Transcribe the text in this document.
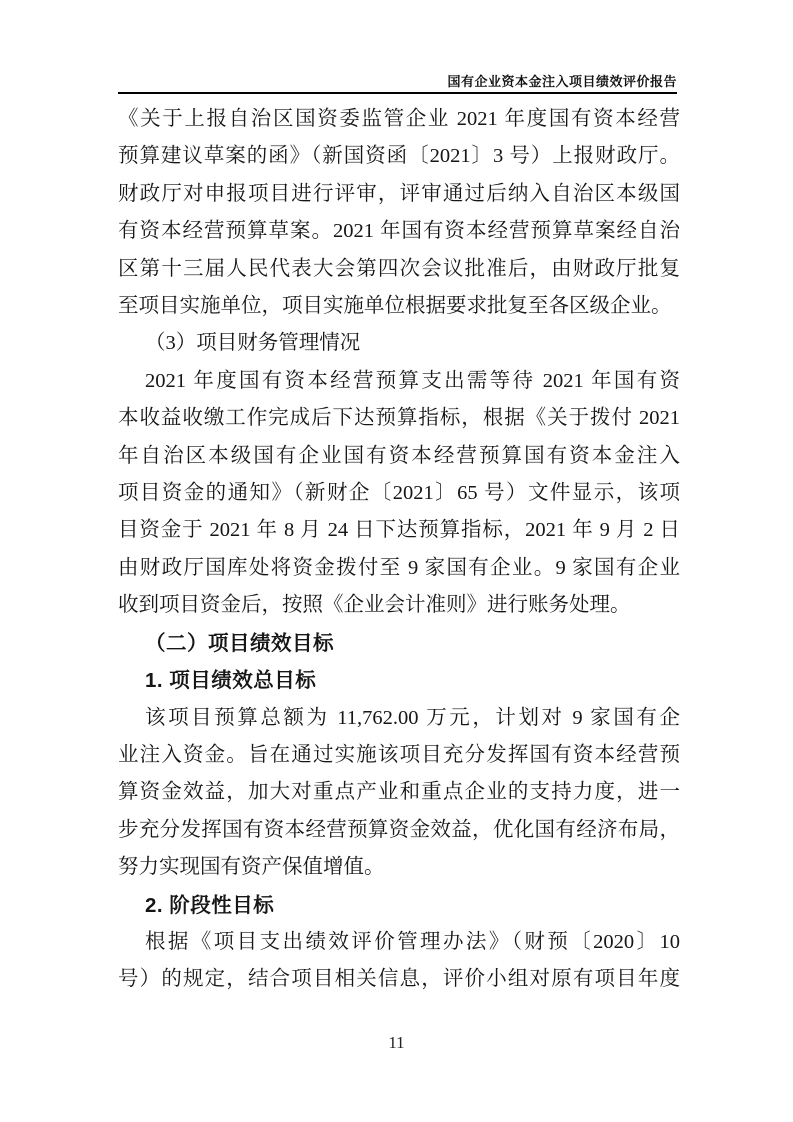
国有企业资本金注入项目绩效评价报告
《关于上报自治区国资委监管企业 2021 年度国有资本经营
预算建议草案的函》（新国资函〔2021〕3 号）上报财政厅。
财政厅对申报项目进行评审，评审通过后纳入自治区本级国
有资本经营预算草案。2021 年国有资本经营预算草案经自治
区第十三届人民代表大会第四次会议批准后，由财政厅批复
至项目实施单位，项目实施单位根据要求批复至各区级企业。
（3）项目财务管理情况
2021 年度国有资本经营预算支出需等待 2021 年国有资
本收益收缴工作完成后下达预算指标，根据《关于拨付 2021
年自治区本级国有企业国有资本经营预算国有资本金注入
项目资金的通知》（新财企〔2021〕65 号）文件显示，该项
目资金于 2021 年 8 月 24 日下达预算指标，2021 年 9 月 2 日
由财政厅国库处将资金拨付至 9 家国有企业。9 家国有企业
收到项目资金后，按照《企业会计准则》进行账务处理。
（二）项目绩效目标
1. 项目绩效总目标
该项目预算总额为 11,762.00 万元，计划对 9 家国有企
业注入资金。旨在通过实施该项目充分发挥国有资本经营预
算资金效益，加大对重点产业和重点企业的支持力度，进一
步充分发挥国有资本经营预算资金效益，优化国有经济布局，
努力实现国有资产保值增值。
2. 阶段性目标
根据《项目支出绩效评价管理办法》（财预〔2020〕10
号）的规定，结合项目相关信息，评价小组对原有项目年度
11
